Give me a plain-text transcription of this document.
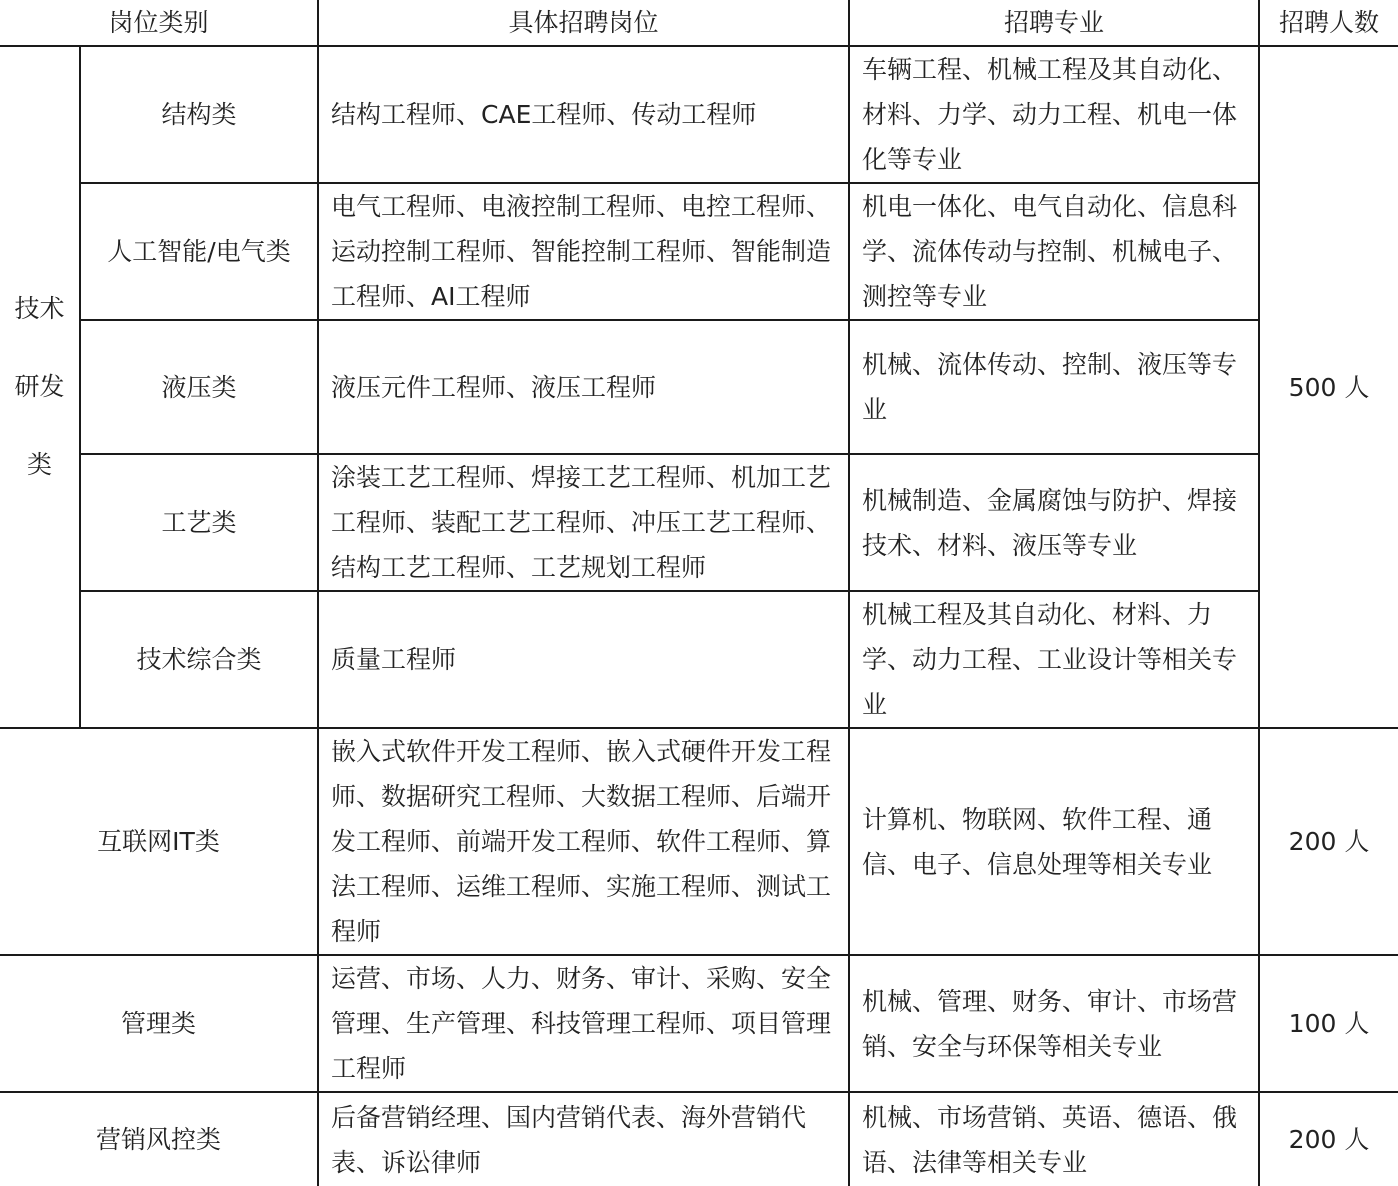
岗位类别		具体招聘岗位	招聘专业	招聘人数
技术研发类	结构类	结构工程师、CAE工程师、传动工程师	车辆工程、机械工程及其自动化、材料、力学、动力工程、机电一体化等专业	500 人
	人工智能/电气类	电气工程师、电液控制工程师、电控工程师、运动控制工程师、智能控制工程师、智能制造工程师、AI工程师	机电一体化、电气自动化、信息科学、流体传动与控制、机械电子、测控等专业	
	液压类	液压元件工程师、液压工程师	机械、流体传动、控制、液压等专业	
	工艺类	涂装工艺工程师、焊接工艺工程师、机加工艺工程师、装配工艺工程师、冲压工艺工程师、结构工艺工程师、工艺规划工程师	机械制造、金属腐蚀与防护、焊接技术、材料、液压等专业	
	技术综合类	质量工程师	机械工程及其自动化、材料、力学、动力工程、工业设计等相关专业	
互联网IT类		嵌入式软件开发工程师、嵌入式硬件开发工程师、数据研究工程师、大数据工程师、后端开发工程师、前端开发工程师、软件工程师、算法工程师、运维工程师、实施工程师、测试工程师	计算机、物联网、软件工程、通信、电子、信息处理等相关专业	200 人
管理类		运营、市场、人力、财务、审计、采购、安全管理、生产管理、科技管理工程师、项目管理工程师	机械、管理、财务、审计、市场营销、安全与环保等相关专业	100 人
营销风控类		后备营销经理、国内营销代表、海外营销代表、诉讼律师	机械、市场营销、英语、德语、俄语、法律等相关专业	200 人
